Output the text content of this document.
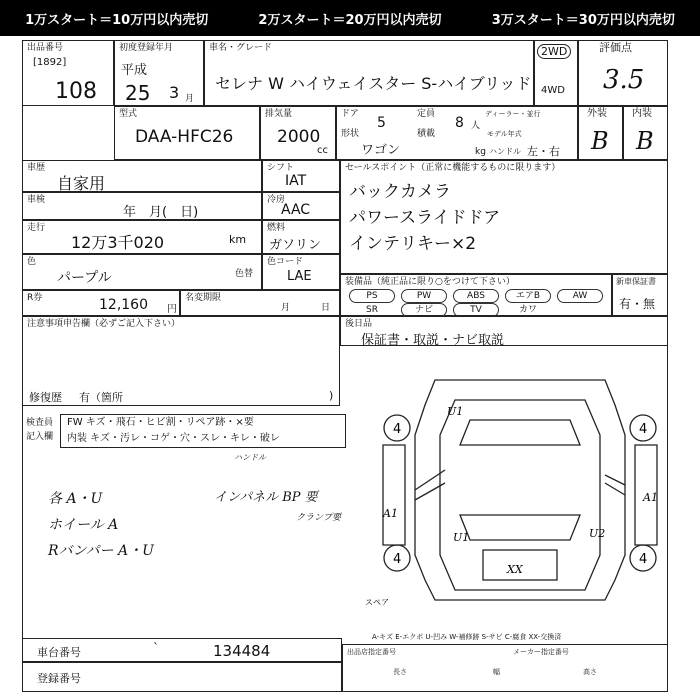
1万スタート＝10万円以内売切	2万スタート＝20万円以内売切	3万スタート＝30万円以内売切
出品番号
[1892]
108
初度登録年月
平成
25 3 月
車名・グレード
セレナ W ハイウェイスター S-ハイブリッド
2WD
4WD
評価点
3.5
外装
B
内装
B
型式
DAA-HFC26
排気量
2000
cc
ドア
5
定員
8 人
ディーラー・並行
形状
ワゴン
積載
kg
モデル年式
ハンドル 左・右
車歴
自家用
車検
年　月(　日)
走行
12万3千020	km
色
パープル	色替
R券	12,160 円
名変期限
月	日
シフト
IAT
冷房
AAC
燃料
ガソリン
色コード
LAE
セールスポイント（正常に機能するものに限ります）
バックカメラ
パワースライドドア
インテリキー×2
装備品（純正品に限り○をつけて下さい）
PS	PW	ABS	エアB	AW
SR	ナビ	TV	カワ
新車保証書
有・無
後日品
保証書・取説・ナビ取説
注意事項申告欄（必ずご記入下さい）
修復歴 有（箇所	)
検査員
記入欄
FW キズ・飛石・ヒビ割・リペア跡・×要
内装 キズ・汚レ・コゲ・穴・スレ・キレ・破レ
ハンドル
各 A・U
ホイール A
Rバンパー A・U
インパネル BP 要
クランプ要
4	4
4	4
U1
A1
A1
U1	U2
XX
スペア
A-キズ E-エクボ U-凹み W-補修跡 S-サビ C-腐食 XX-交換済
車台番号	`	134484
登録番号
出品店指定番号	メーカー指定番号
長さ	幅	高さ
